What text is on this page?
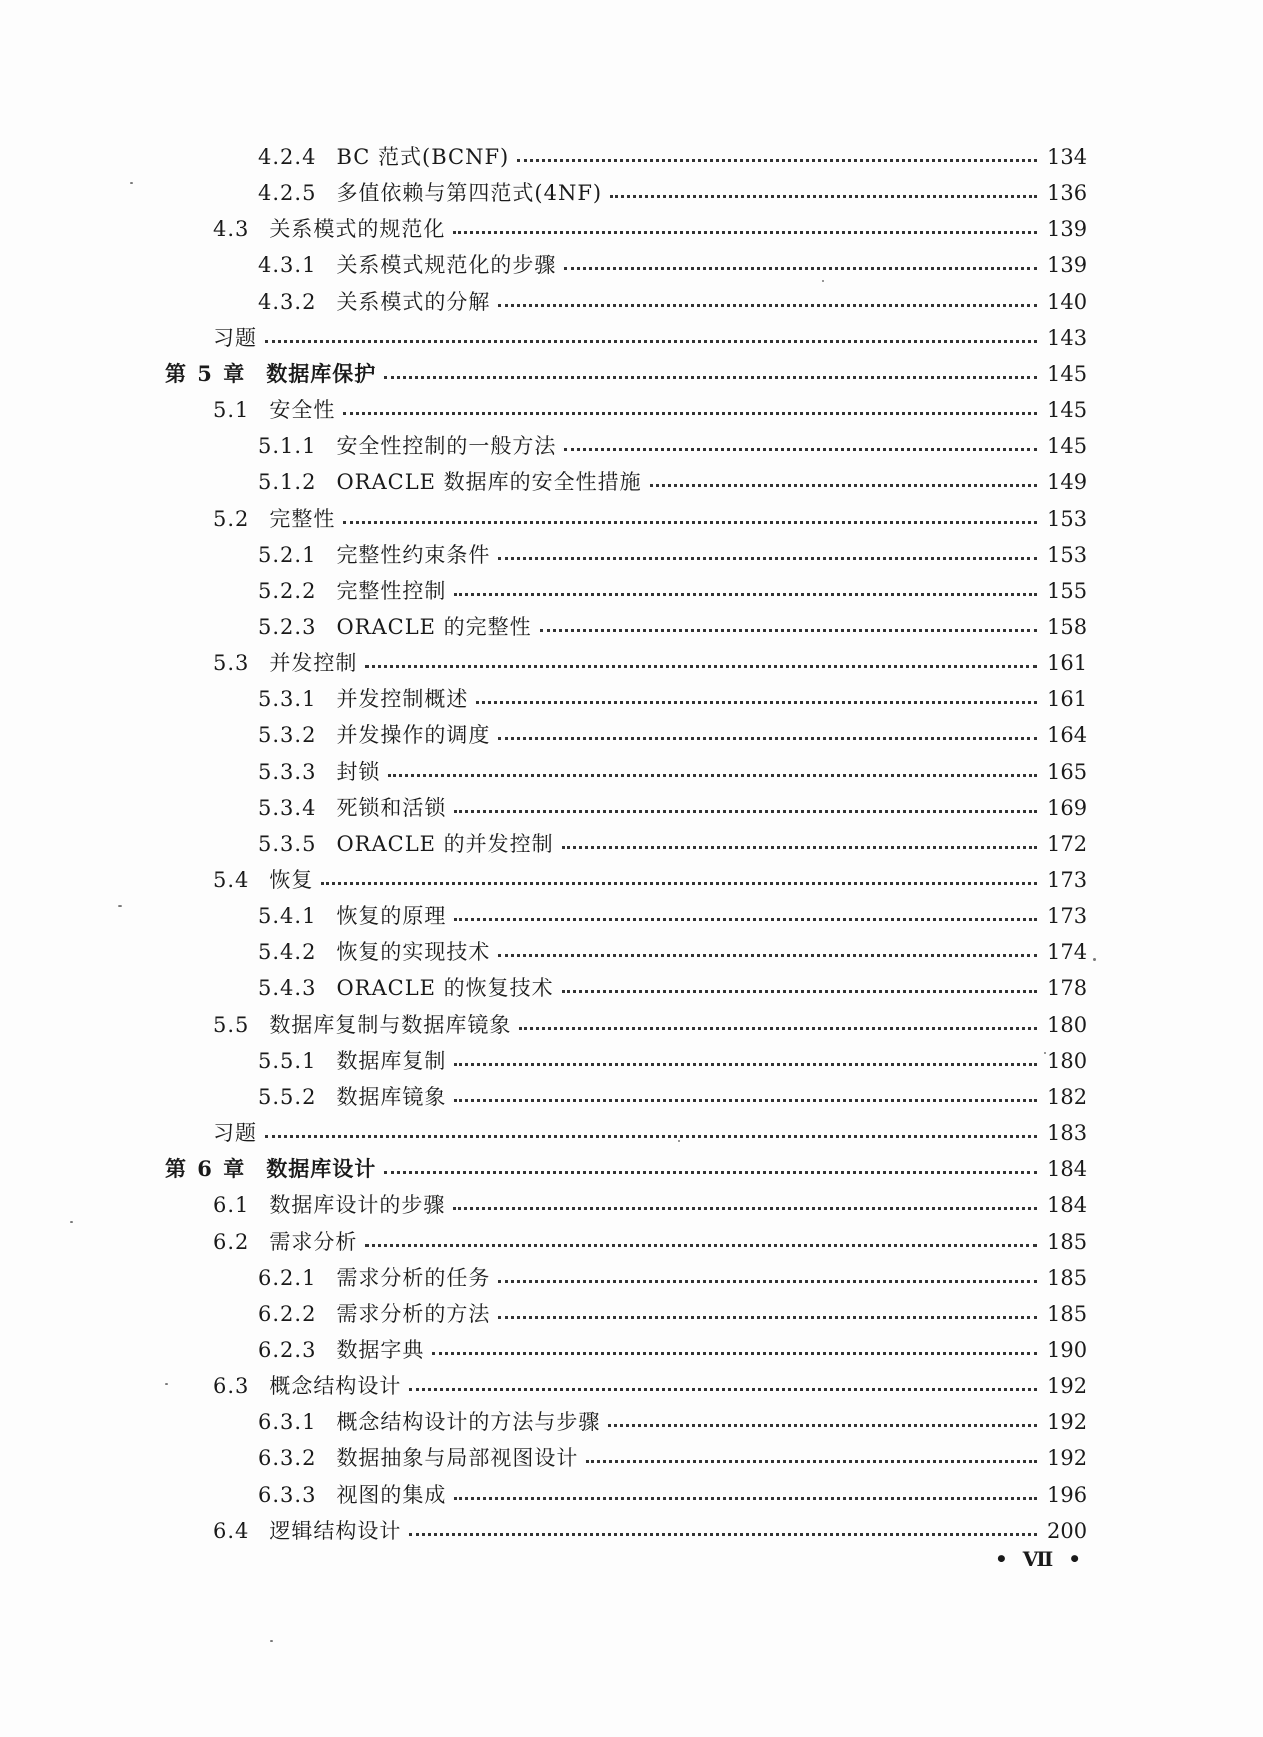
4.2.4 BC 范式(BCNF)	134
4.2.5 多值依赖与第四范式(4NF)	136
4.3 关系模式的规范化	139
4.3.1 关系模式规范化的步骤	139
4.3.2 关系模式的分解	140
习题	143
第 5 章 数据库保护	145
5.1 安全性	145
5.1.1 安全性控制的一般方法	145
5.1.2 ORACLE 数据库的安全性措施	149
5.2 完整性	153
5.2.1 完整性约束条件	153
5.2.2 完整性控制	155
5.2.3 ORACLE 的完整性	158
5.3 并发控制	161
5.3.1 并发控制概述	161
5.3.2 并发操作的调度	164
5.3.3 封锁	165
5.3.4 死锁和活锁	169
5.3.5 ORACLE 的并发控制	172
5.4 恢复	173
5.4.1 恢复的原理	173
5.4.2 恢复的实现技术	174
5.4.3 ORACLE 的恢复技术	178
5.5 数据库复制与数据库镜象	180
5.5.1 数据库复制	180
5.5.2 数据库镜象	182
习题	183
第 6 章 数据库设计	184
6.1 数据库设计的步骤	184
6.2 需求分析	185
6.2.1 需求分析的任务	185
6.2.2 需求分析的方法	185
6.2.3 数据字典	190
6.3 概念结构设计	192
6.3.1 概念结构设计的方法与步骤	192
6.3.2 数据抽象与局部视图设计	192
6.3.3 视图的集成	196
6.4 逻辑结构设计	200
• Ⅶ •
